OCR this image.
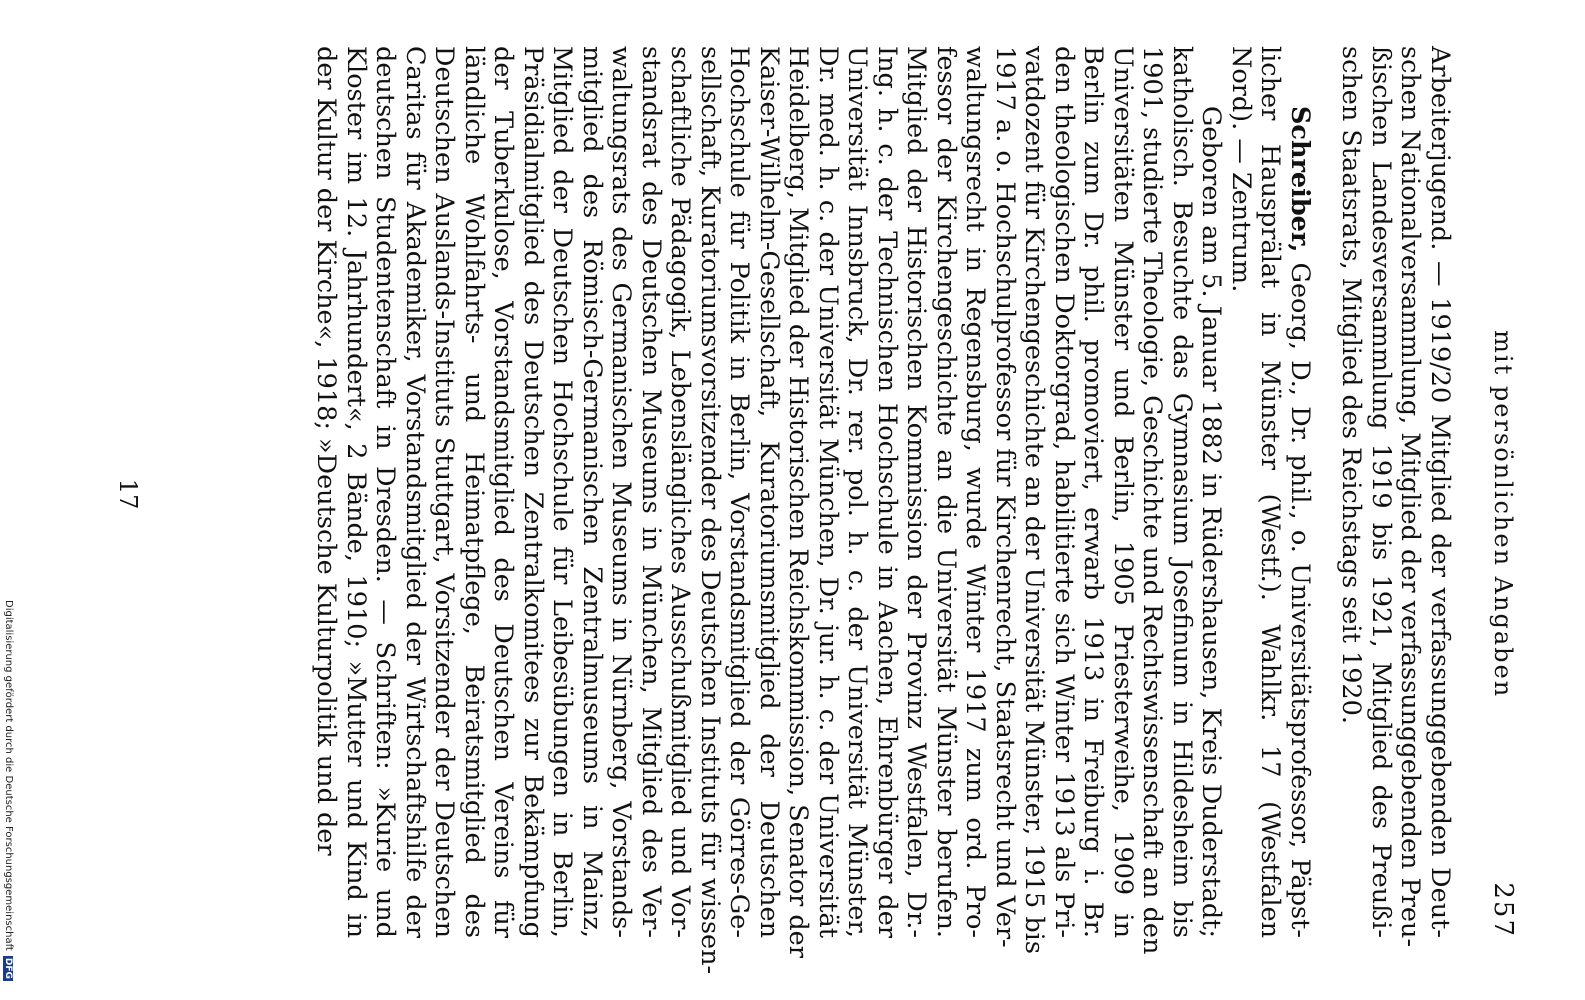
Digitalisierung gefördert durch die Deutsche ForschungsgemeinschaftDFG
mit persönlichen Angaben
257
Arbeiterjugend. — 1919/20 Mitglied der verfassunggebenden Deut-
schen Nationalversammlung, Mitglied der verfassunggebenden Preu-
ßischen Landesversammlung 1919 bis 1921, Mitglied des Preußi-
schen Staatsrats, Mitglied des Reichstags seit 1920.
Schreiber, Georg, D., Dr. phil., o. Universitätsprofessor, Päpst-
licher Hausprälat in Münster (Westf.). Wahlkr. 17 (Westfalen
Nord). — Zentrum.
Geboren am 5. Januar 1882 in Rüdershausen, Kreis Duderstadt;
katholisch. Besuchte das Gymnasium Josefinum in Hildesheim bis
1901, studierte Theologie, Geschichte und Rechtswissenschaft an den
Universitäten Münster und Berlin, 1905 Priesterweihe, 1909 in
Berlin zum Dr. phil. promoviert, erwarb 1913 in Freiburg i. Br.
den theologischen Doktorgrad, habilitierte sich Winter 1913 als Pri-
vatdozent für Kirchengeschichte an der Universität Münster, 1915 bis
1917 a. o. Hochschulprofessor für Kirchenrecht, Staatsrecht und Ver-
waltungsrecht in Regensburg, wurde Winter 1917 zum ord. Pro-
fessor der Kirchengeschichte an die Universität Münster berufen.
Mitglied der Historischen Kommission der Provinz Westfalen, Dr.-
Ing. h. c. der Technischen Hochschule in Aachen, Ehrenbürger der
Universität Innsbruck, Dr. rer. pol. h. c. der Universität Münster,
Dr. med. h. c. der Universität München, Dr. jur. h. c. der Universität
Heidelberg, Mitglied der Historischen Reichskommission, Senator der
Kaiser-Wilhelm-Gesellschaft, Kuratoriumsmitglied der Deutschen
Hochschule für Politik in Berlin, Vorstandsmitglied der Görres-Ge-
sellschaft, Kuratoriumsvorsitzender des Deutschen Instituts für wissen-
schaftliche Pädagogik, Lebenslängliches Ausschußmitglied und Vor-
standsrat des Deutschen Museums in München, Mitglied des Ver-
waltungsrats des Germanischen Museums in Nürnberg, Vorstands-
mitglied des Römisch-Germanischen Zentralmuseums in Mainz,
Mitglied der Deutschen Hochschule für Leibesübungen in Berlin,
Präsidialmitglied des Deutschen Zentralkomitees zur Bekämpfung
der Tuberkulose, Vorstandsmitglied des Deutschen Vereins für
ländliche Wohlfahrts- und Heimatpflege, Beiratsmitglied des
Deutschen Auslands-Instituts Stuttgart, Vorsitzender der Deutschen
Caritas für Akademiker, Vorstandsmitglied der Wirtschaftshilfe der
deutschen Studentenschaft in Dresden. — Schriften: »Kurie und
Kloster im 12. Jahrhundert«, 2 Bände, 1910; »Mutter und Kind in
der Kultur der Kirche«, 1918; »Deutsche Kulturpolitik und der
17
